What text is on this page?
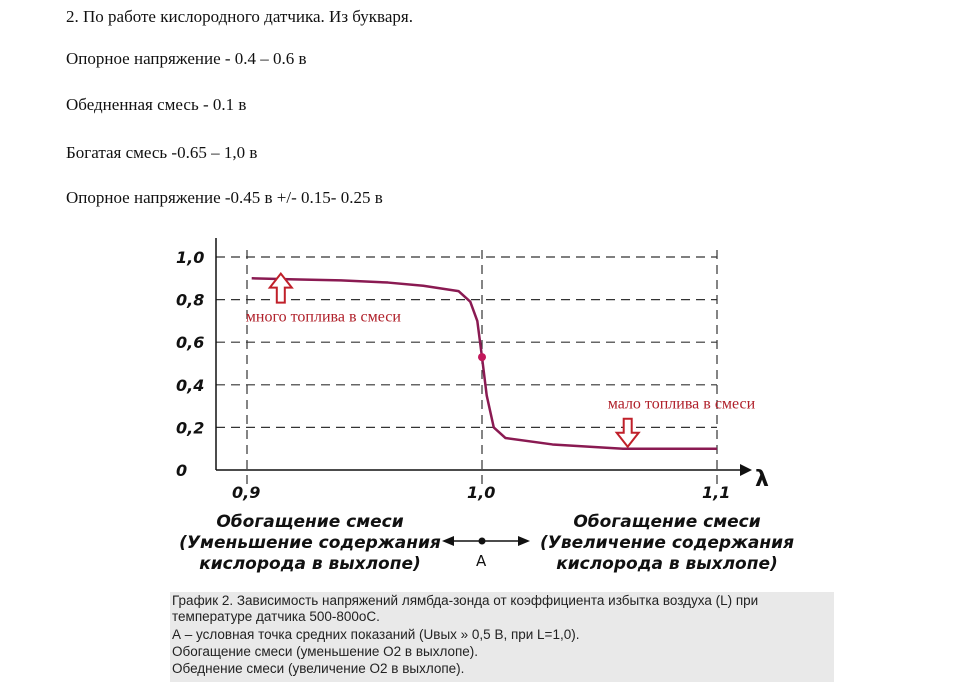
2. По работе кислородного датчика. Из букваря.
Опорное напряжение - 0.4 – 0.6 в
Обедненная смесь - 0.1 в
Богатая смесь -0.65 – 1,0 в
Опорное напряжение -0.45 в +/- 0.15- 0.25 в
λ
1,0
0,8
0,6
0,4
0,2
0
0,9	1,0	1,1
много топлива в смеси
мало топлива в смеси
Обогащение смеси
(Уменьшение содержания
кислорода в выхлопе)
Обогащение смеси
(Увеличение содержания
кислорода в выхлопе)
A
График 2. Зависимость напряжений лямбда-зонда от коэффициента избытка воздуха (L) при
температуре датчика 500-800оС.
А – условная точка средних показаний (Uвых » 0,5 В, при L=1,0).
Обогащение смеси (уменьшение O2 в выхлопе).
Обеднение смеси (увеличение O2 в выхлопе).
